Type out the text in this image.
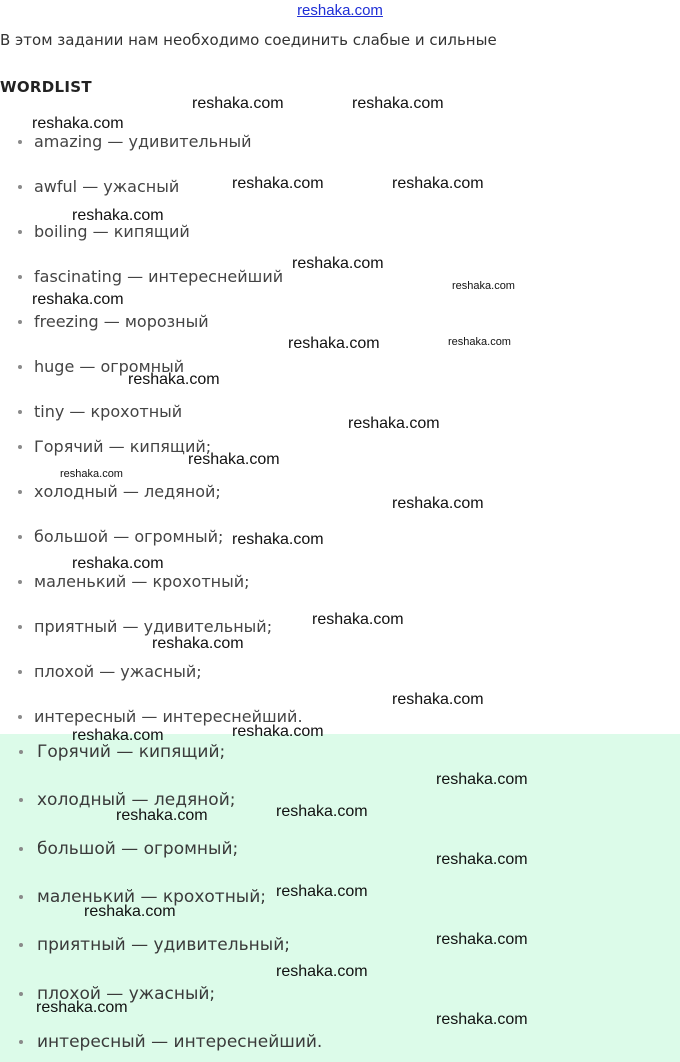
reshaka.com
В этом задании нам необходимо соединить слабые и сильные
WORDLIST
amazing — удивительный
awful — ужасный
boiling — кипящий
fascinating — интереснейший
freezing — морозный
huge — огромный
tiny — крохотный
Горячий — кипящий;
холодный — ледяной;
большой — огромный;
маленький — крохотный;
приятный — удивительный;
плохой — ужасный;
интересный — интереснейший.
Горячий — кипящий;
холодный — ледяной;
большой — огромный;
маленький — крохотный;
приятный — удивительный;
плохой — ужасный;
интересный — интереснейший.
reshaka.com	reshaka.com
reshaka.com
reshaka.com	reshaka.com
reshaka.com
reshaka.com
reshaka.com
reshaka.com
reshaka.com	reshaka.com
reshaka.com
reshaka.com
reshaka.com
reshaka.com
reshaka.com
reshaka.com
reshaka.com
reshaka.com
reshaka.com
reshaka.com
reshaka.com
reshaka.com
reshaka.com
reshaka.com
reshaka.com
reshaka.com
reshaka.com
reshaka.com
reshaka.com
reshaka.com
reshaka.com
reshaka.com
